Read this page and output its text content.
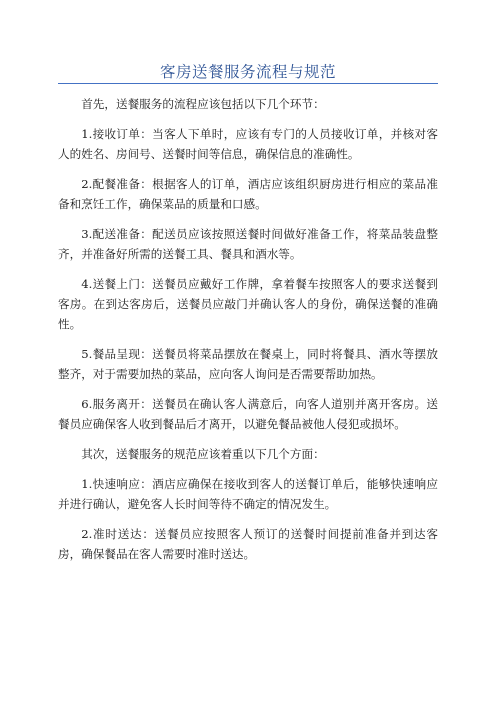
客房送餐服务流程与规范

首先，送餐服务的流程应该包括以下几个环节：

1.接收订单：当客人下单时，应该有专门的人员接收订单，并核对客人的姓名、房间号、送餐时间等信息，确保信息的准确性。

2.配餐准备：根据客人的订单，酒店应该组织厨房进行相应的菜品准备和烹饪工作，确保菜品的质量和口感。

3.配送准备：配送员应该按照送餐时间做好准备工作，将菜品装盘整齐，并准备好所需的送餐工具、餐具和酒水等。

4.送餐上门：送餐员应戴好工作牌，拿着餐车按照客人的要求送餐到客房。在到达客房后，送餐员应敲门并确认客人的身份，确保送餐的准确性。

5.餐品呈现：送餐员将菜品摆放在餐桌上，同时将餐具、酒水等摆放整齐，对于需要加热的菜品，应向客人询问是否需要帮助加热。

6.服务离开：送餐员在确认客人满意后，向客人道别并离开客房。送餐员应确保客人收到餐品后才离开，以避免餐品被他人侵犯或损坏。

其次，送餐服务的规范应该着重以下几个方面：

1.快速响应：酒店应确保在接收到客人的送餐订单后，能够快速响应并进行确认，避免客人长时间等待不确定的情况发生。

2.准时送达：送餐员应按照客人预订的送餐时间提前准备并到达客房，确保餐品在客人需要时准时送达。
